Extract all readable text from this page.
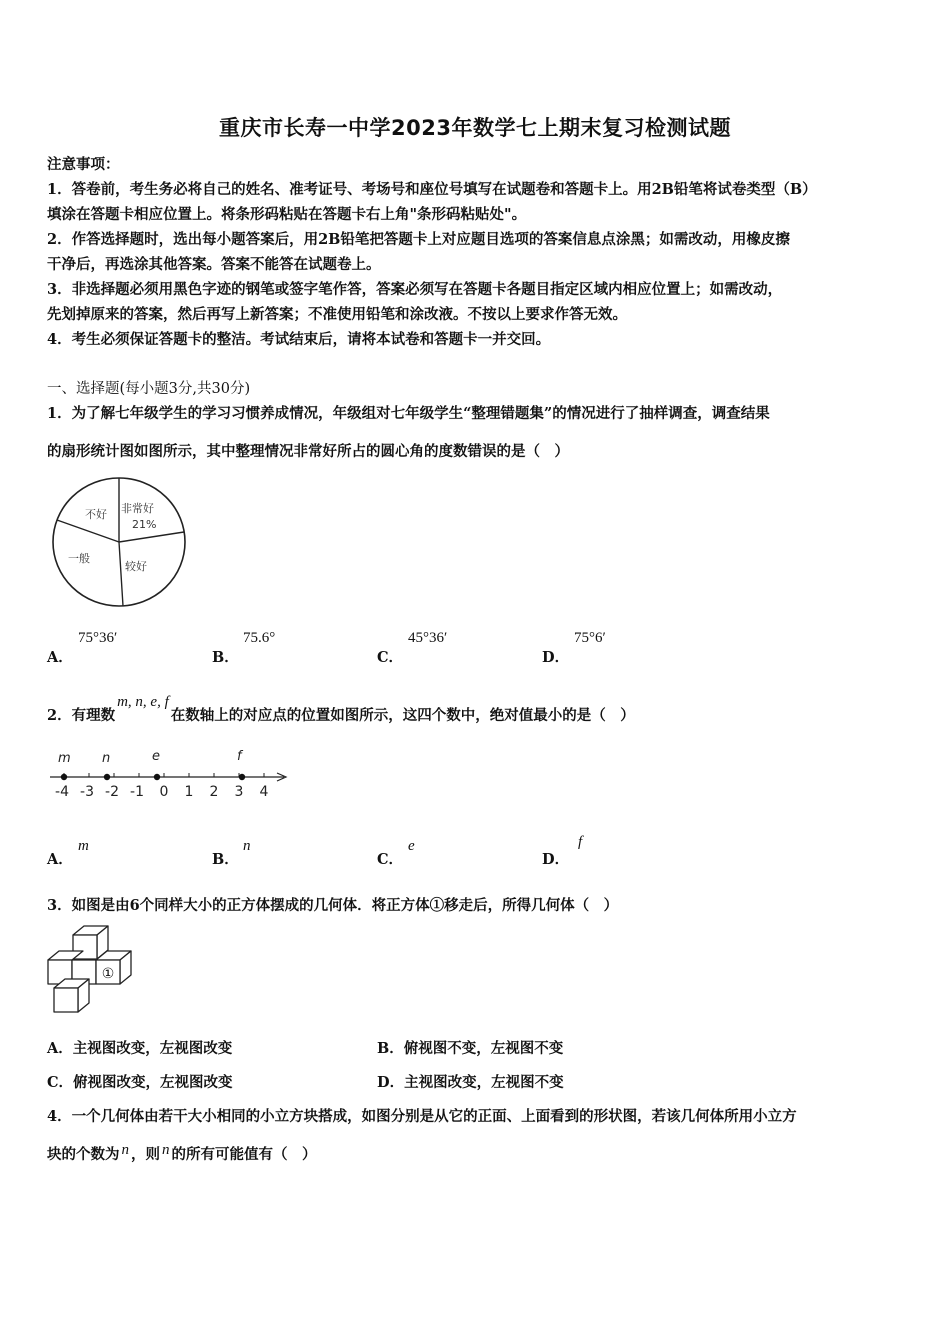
重庆市长寿一中学2023年数学七上期末复习检测试题
注意事项：
1．答卷前，考生务必将自己的姓名、准考证号、考场号和座位号填写在试题卷和答题卡上。用2B铅笔将试卷类型（B）
填涂在答题卡相应位置上。将条形码粘贴在答题卡右上角"条形码粘贴处"。
2．作答选择题时，选出每小题答案后，用2B铅笔把答题卡上对应题目选项的答案信息点涂黑；如需改动，用橡皮擦
干净后，再选涂其他答案。答案不能答在试题卷上。
3．非选择题必须用黑色字迹的钢笔或签字笔作答，答案必须写在答题卡各题目指定区域内相应位置上；如需改动，
先划掉原来的答案，然后再写上新答案；不准使用铅笔和涂改液。不按以上要求作答无效。
4．考生必须保证答题卡的整洁。考试结束后，请将本试卷和答题卡一并交回。
一、选择题(每小题3分,共30分)
1．为了解七年级学生的学习习惯养成情况，年级组对七年级学生“整理错题集”的情况进行了抽样调查，调查结果
的扇形统计图如图所示，其中整理情况非常好所占的圆心角的度数错误的是（　）
非常好
21%
不好
一般
较好
A．
75°36′
B．
75.6°
C．
45°36′
D．
75°6′
2．有理数m, n, e, f在数轴上的对应点的位置如图所示，这四个数中，绝对值最小的是（　）
m n	e	f
-4 -3 -2 -1 0 1 2 3 4
A．
m
B．
n
C．
e
D．
f
3．如图是由6个同样大小的正方体摆成的几何体．将正方体①移走后，所得几何体（　）
①
A．主视图改变，左视图改变	B．俯视图不变，左视图不变
C．俯视图改变，左视图改变	D．主视图改变，左视图不变
4．一个几何体由若干大小相同的小立方块搭成，如图分别是从它的正面、上面看到的形状图，若该几何体所用小立方
块的个数为 n ，则 n 的所有可能值有（　）
